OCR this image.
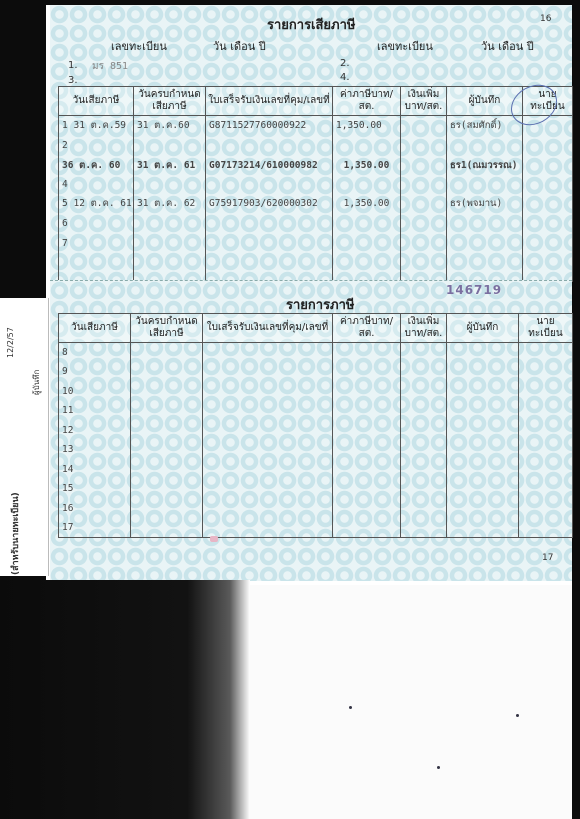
รายการเสียภาษี	16
เลขทะเบียน	วัน เดือน ปี	เลขทะเบียน	วัน เดือน ปี
1. มร 851	2.
3.	4.
วันเสียภาษี	วันครบกำหนดเสียภาษี	ใบเสร็จรับเงินเลขที่คุม/เลขที่	ค่าภาษีบาท/สต.	เงินเพิ่มบาท/สต.	ผู้บันทึก	นายทะเบียน
1 31 ต.ค.59	31 ต.ค.60	G8711527760000922	1,350.00		ธร(สมศักดิ์)	
2						
36 ต.ค. 60	31 ต.ค. 61	G07173214/610000982	1,350.00		ธร1(ณมวรรณ)	
4						
5 12 ต.ค. 61	31 ต.ค. 62	G75917903/620000302	1,350.00		ธร(พจมาน)	
6						
7						

รายการภาษี
146719
17
วันเสียภาษี	วันครบกำหนดเสียภาษี	ใบเสร็จรับเงินเลขที่คุม/เลขที่	ค่าภาษีบาท/สต.	เงินเพิ่มบาท/สต.	ผู้บันทึก	นายทะเบียน
8						
9						
10						
11						
12						
13						
14						
15						
16						
17						
(สำหรับนายทะเบียน)
ผู้บันทึก
12/2/57
